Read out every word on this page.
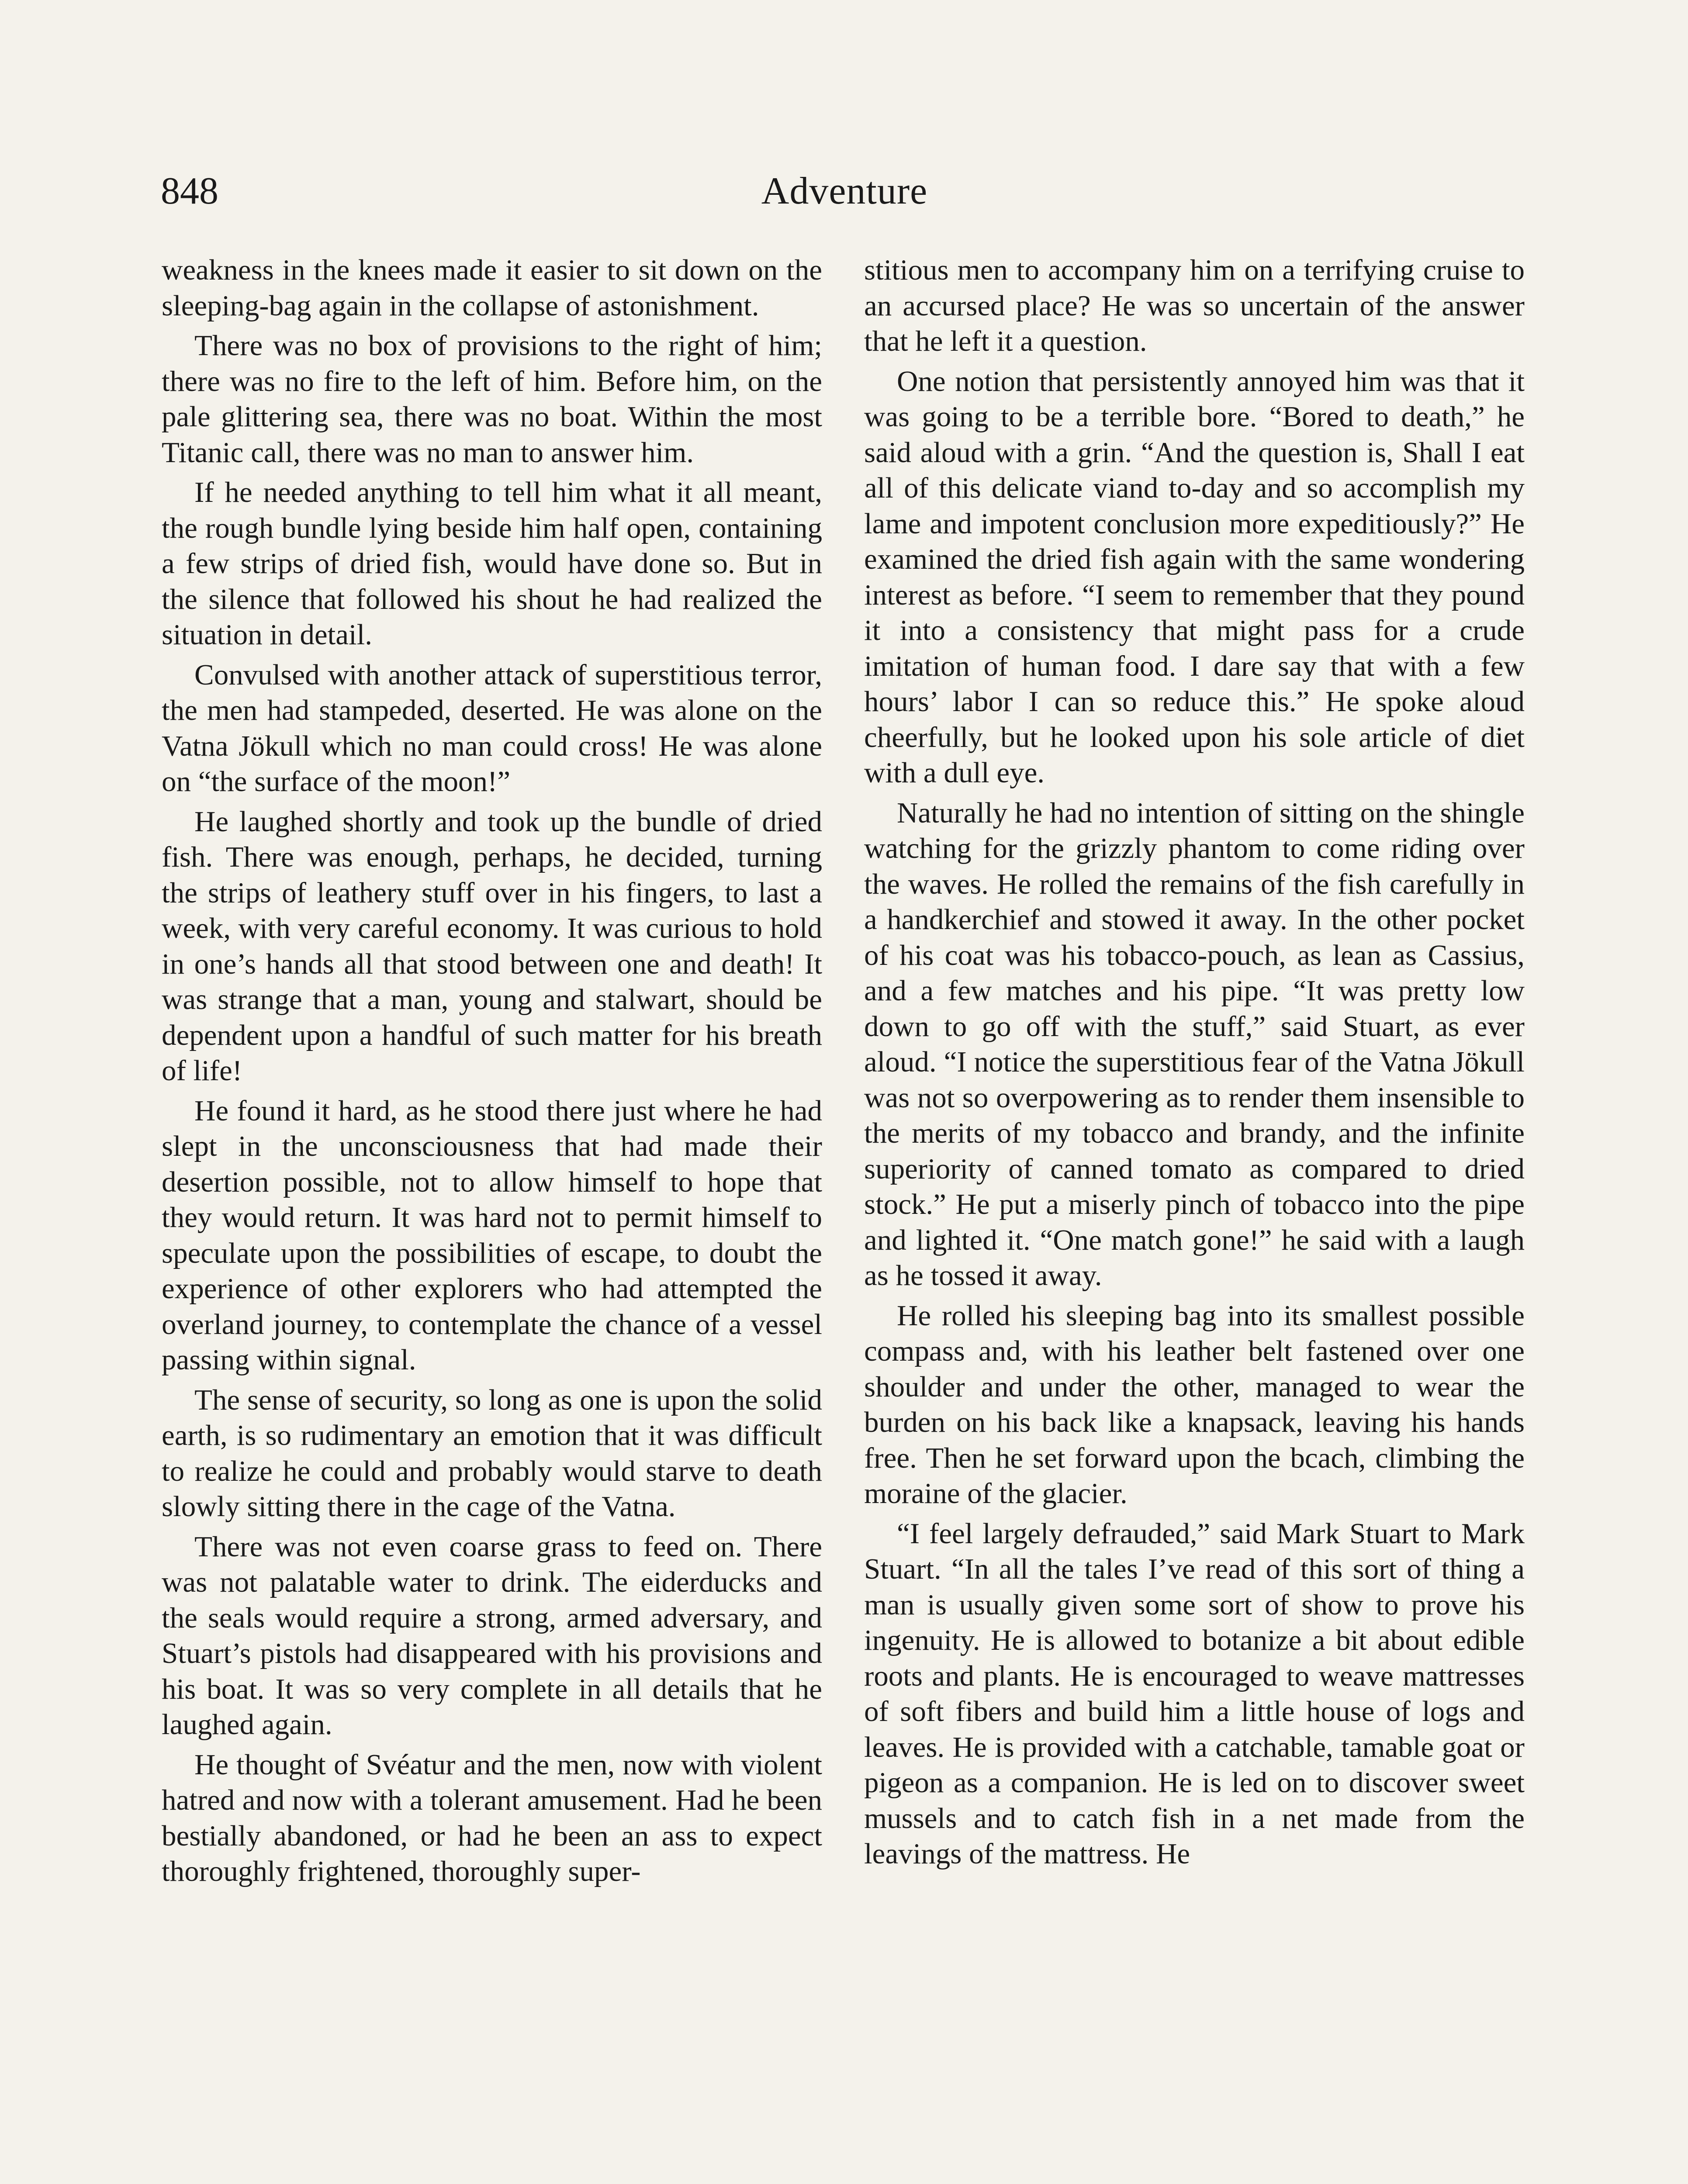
848	Adventure

weakness in the knees made it easier to sit down on the sleeping-bag again in the collapse of astonishment.

There was no box of provisions to the right of him; there was no fire to the left of him. Before him, on the pale glittering sea, there was no boat. Within the most Titanic call, there was no man to answer him.

If he needed anything to tell him what it all meant, the rough bundle lying beside him half open, containing a few strips of dried fish, would have done so. But in the silence that followed his shout he had realized the situation in detail.

Convulsed with another attack of superstitious terror, the men had stampeded, deserted. He was alone on the Vatna Jökull which no man could cross! He was alone on “the surface of the moon!”

He laughed shortly and took up the bundle of dried fish. There was enough, perhaps, he decided, turning the strips of leathery stuff over in his fingers, to last a week, with very careful economy. It was curious to hold in one’s hands all that stood between one and death! It was strange that a man, young and stalwart, should be dependent upon a handful of such matter for his breath of life!

He found it hard, as he stood there just where he had slept in the unconsciousness that had made their desertion possible, not to allow himself to hope that they would return. It was hard not to permit himself to speculate upon the possibilities of escape, to doubt the experience of other explorers who had attempted the overland journey, to contemplate the chance of a vessel passing within signal.

The sense of security, so long as one is upon the solid earth, is so rudimentary an emotion that it was difficult to realize he could and probably would starve to death slowly sitting there in the cage of the Vatna.

There was not even coarse grass to feed on. There was not palatable water to drink. The eiderducks and the seals would require a strong, armed adversary, and Stuart’s pistols had disappeared with his provisions and his boat. It was so very complete in all details that he laughed again.

He thought of Svéatur and the men, now with violent hatred and now with a tolerant amusement. Had he been bestially abandoned, or had he been an ass to expect thoroughly frightened, thoroughly super-

stitious men to accompany him on a terrifying cruise to an accursed place? He was so uncertain of the answer that he left it a question.

One notion that persistently annoyed him was that it was going to be a terrible bore. “Bored to death,” he said aloud with a grin. “And the question is, Shall I eat all of this delicate viand to-day and so accomplish my lame and impotent conclusion more expeditiously?” He examined the dried fish again with the same wondering interest as before. “I seem to remember that they pound it into a consistency that might pass for a crude imitation of human food. I dare say that with a few hours’ labor I can so reduce this.” He spoke aloud cheerfully, but he looked upon his sole article of diet with a dull eye.

Naturally he had no intention of sitting on the shingle watching for the grizzly phantom to come riding over the waves. He rolled the remains of the fish carefully in a handkerchief and stowed it away. In the other pocket of his coat was his tobacco-pouch, as lean as Cassius, and a few matches and his pipe. “It was pretty low down to go off with the stuff,” said Stuart, as ever aloud. “I notice the superstitious fear of the Vatna Jökull was not so overpowering as to render them insensible to the merits of my tobacco and brandy, and the infinite superiority of canned tomato as compared to dried stock.” He put a miserly pinch of tobacco into the pipe and lighted it. “One match gone!” he said with a laugh as he tossed it away.

He rolled his sleeping bag into its smallest possible compass and, with his leather belt fastened over one shoulder and under the other, managed to wear the burden on his back like a knapsack, leaving his hands free. Then he set forward upon the bcach, climbing the moraine of the glacier.

“I feel largely defrauded,” said Mark Stuart to Mark Stuart. “In all the tales I’ve read of this sort of thing a man is usually given some sort of show to prove his ingenuity. He is allowed to botanize a bit about edible roots and plants. He is encouraged to weave mattresses of soft fibers and build him a little house of logs and leaves. He is provided with a catchable, tamable goat or pigeon as a companion. He is led on to discover sweet mussels and to catch fish in a net made from the leavings of the mattress. He
